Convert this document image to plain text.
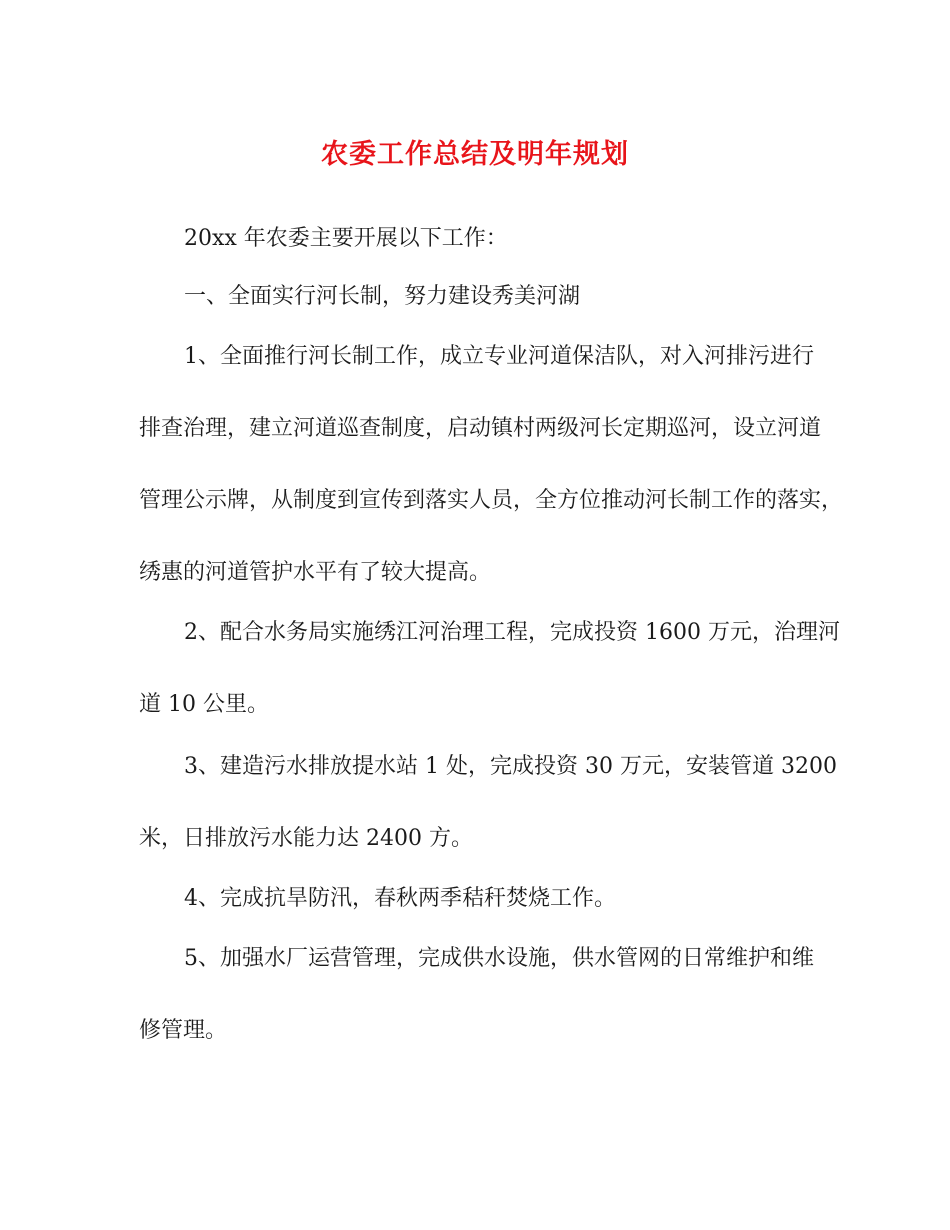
农委工作总结及明年规划

20xx 年农委主要开展以下工作：

一、全面实行河长制，努力建设秀美河湖

1、全面推行河长制工作，成立专业河道保洁队，对入河排污进行

排查治理，建立河道巡查制度，启动镇村两级河长定期巡河，设立河道

管理公示牌，从制度到宣传到落实人员，全方位推动河长制工作的落实，

绣惠的河道管护水平有了较大提高。

2、配合水务局实施绣江河治理工程，完成投资 1600 万元，治理河

道 10 公里。

3、建造污水排放提水站 1 处，完成投资 30 万元，安装管道 3200

米，日排放污水能力达 2400 方。

4、完成抗旱防汛，春秋两季秸秆焚烧工作。

5、加强水厂运营管理，完成供水设施，供水管网的日常维护和维

修管理。
